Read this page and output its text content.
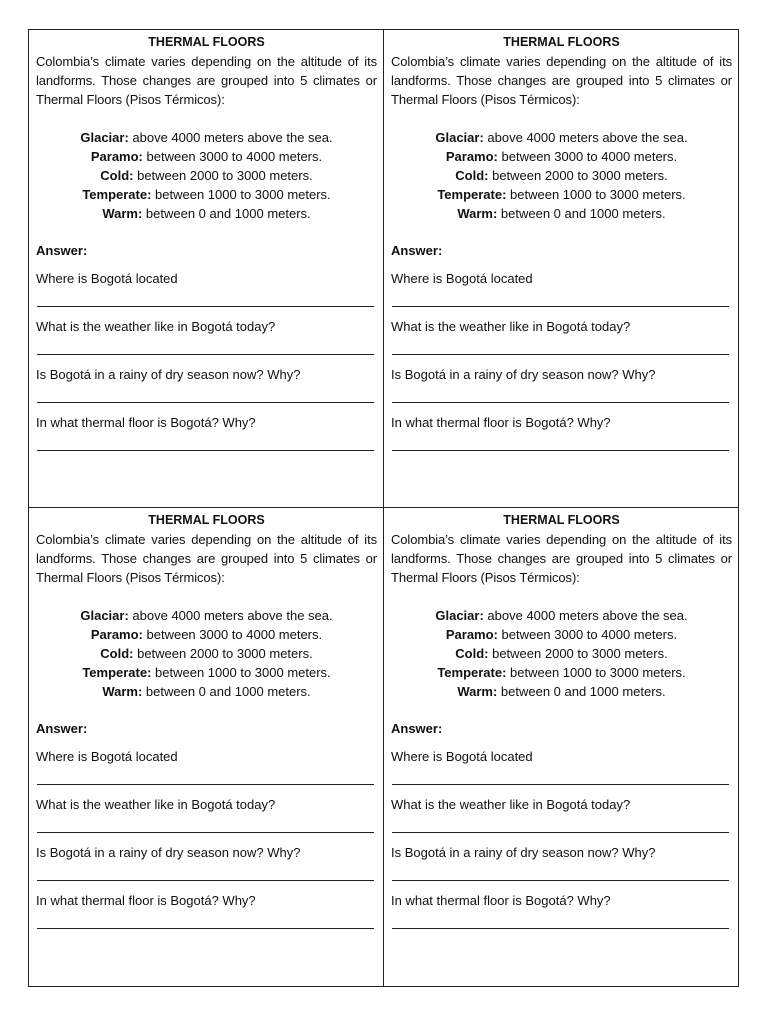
THERMAL FLOORS

Colombia’s climate varies depending on the altitude of its landforms. Those changes are grouped into 5 climates or Thermal Floors (Pisos Térmicos):

Glaciar: above 4000 meters above the sea.
Paramo: between 3000 to 4000 meters.
Cold: between 2000 to 3000 meters.
Temperate: between 1000 to 3000 meters.
Warm: between 0 and 1000 meters.
Answer:
Where is Bogotá located
What is the weather like in Bogotá today?
Is Bogotá in a rainy of dry season now? Why?
In what thermal floor is Bogotá? Why?

THERMAL FLOORS

Colombia’s climate varies depending on the altitude of its landforms. Those changes are grouped into 5 climates or Thermal Floors (Pisos Térmicos):

Glaciar: above 4000 meters above the sea.
Paramo: between 3000 to 4000 meters.
Cold: between 2000 to 3000 meters.
Temperate: between 1000 to 3000 meters.
Warm: between 0 and 1000 meters.
Answer:
Where is Bogotá located
What is the weather like in Bogotá today?
Is Bogotá in a rainy of dry season now? Why?
In what thermal floor is Bogotá? Why?

THERMAL FLOORS

Colombia’s climate varies depending on the altitude of its landforms. Those changes are grouped into 5 climates or Thermal Floors (Pisos Térmicos):

Glaciar: above 4000 meters above the sea.
Paramo: between 3000 to 4000 meters.
Cold: between 2000 to 3000 meters.
Temperate: between 1000 to 3000 meters.
Warm: between 0 and 1000 meters.
Answer:
Where is Bogotá located
What is the weather like in Bogotá today?
Is Bogotá in a rainy of dry season now? Why?
In what thermal floor is Bogotá? Why?

THERMAL FLOORS

Colombia’s climate varies depending on the altitude of its landforms. Those changes are grouped into 5 climates or Thermal Floors (Pisos Térmicos):

Glaciar: above 4000 meters above the sea.
Paramo: between 3000 to 4000 meters.
Cold: between 2000 to 3000 meters.
Temperate: between 1000 to 3000 meters.
Warm: between 0 and 1000 meters.
Answer:
Where is Bogotá located
What is the weather like in Bogotá today?
Is Bogotá in a rainy of dry season now? Why?
In what thermal floor is Bogotá? Why?
